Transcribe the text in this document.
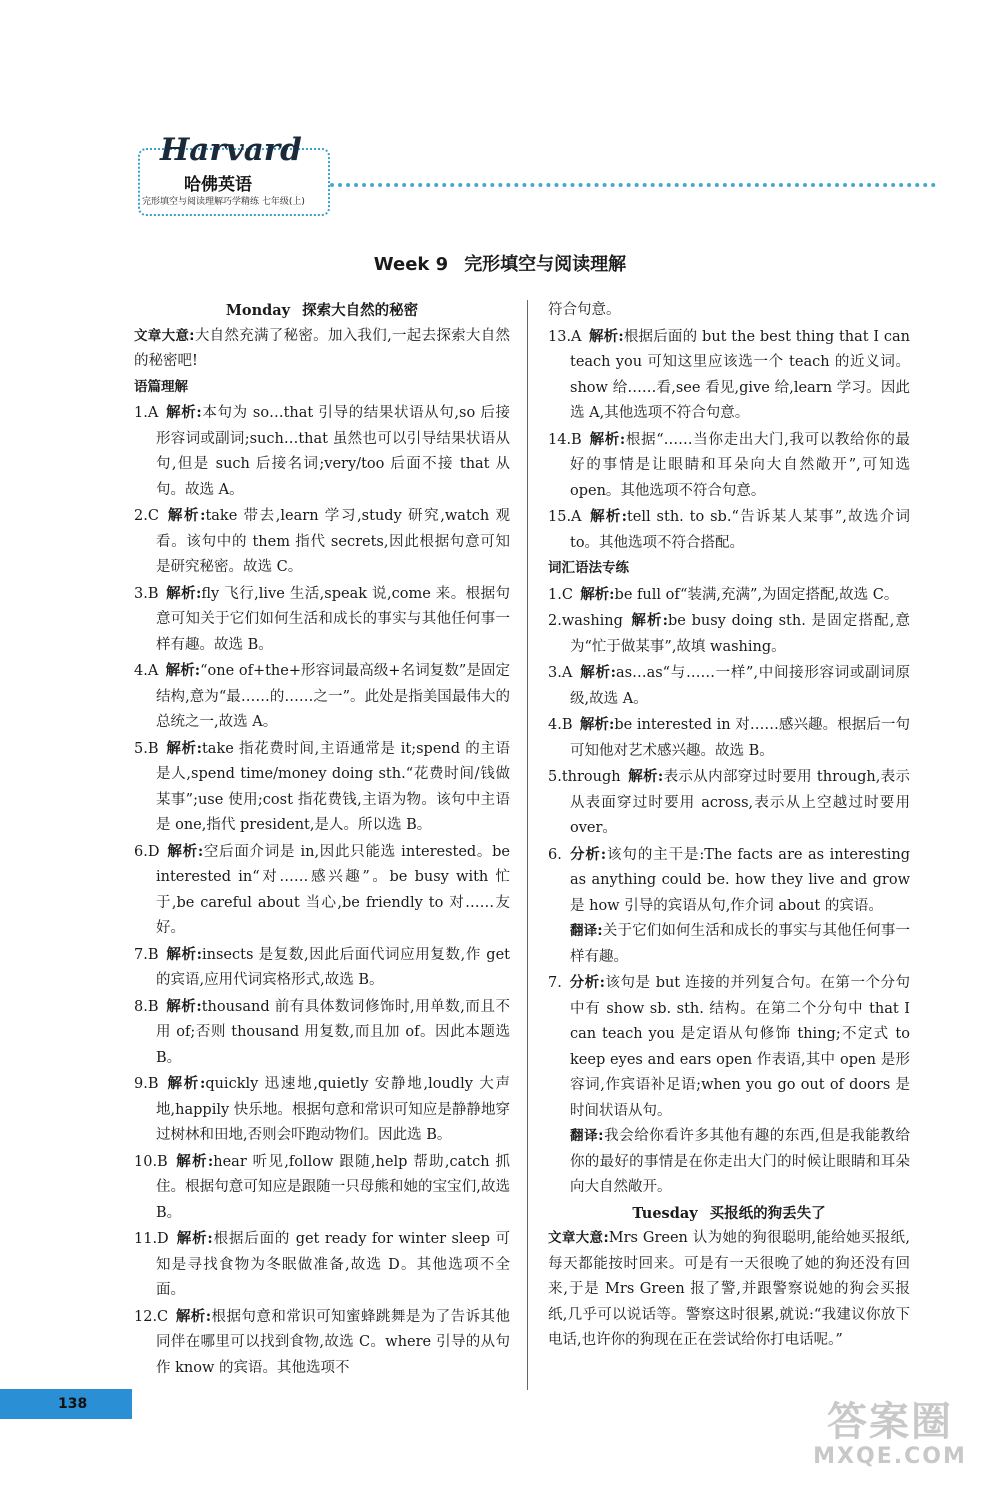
Harvard
哈佛英语
完形填空与阅读理解巧学精练 七年级(上)
Week 9 完形填空与阅读理解

Monday 探索大自然的秘密

文章大意:大自然充满了秘密。加入我们,一起去探索大自然的秘密吧!

语篇理解

1.A  解析:本句为 so…that 引导的结果状语从句,so 后接形容词或副词;such…that 虽然也可以引导结果状语从句,但是 such 后接名词;very/too 后面不接 that 从句。故选 A。

2.C  解析:take 带去,learn 学习,study 研究,watch 观看。该句中的 them 指代 secrets,因此根据句意可知是研究秘密。故选 C。

3.B  解析:fly 飞行,live 生活,speak 说,come 来。根据句意可知关于它们如何生活和成长的事实与其他任何事一样有趣。故选 B。

4.A  解析:“one of+the+形容词最高级+名词复数”是固定结构,意为“最……的……之一”。此处是指美国最伟大的总统之一,故选 A。

5.B  解析:take 指花费时间,主语通常是 it;spend 的主语是人,spend time/money doing sth.“花费时间/钱做某事”;use 使用;cost 指花费钱,主语为物。该句中主语是 one,指代 president,是人。所以选 B。

6.D  解析:空后面介词是 in,因此只能选 interested。be interested in“对……感兴趣”。be busy with 忙于,be careful about 当心,be friendly to 对……友好。

7.B  解析:insects 是复数,因此后面代词应用复数,作 get 的宾语,应用代词宾格形式,故选 B。

8.B  解析:thousand 前有具体数词修饰时,用单数,而且不用 of;否则 thousand 用复数,而且加 of。因此本题选 B。

9.B  解析:quickly 迅速地,quietly 安静地,loudly 大声地,happily 快乐地。根据句意和常识可知应是静静地穿过树林和田地,否则会吓跑动物们。因此选 B。

10.B  解析:hear 听见,follow 跟随,help 帮助,catch 抓住。根据句意可知应是跟随一只母熊和她的宝宝们,故选 B。

11.D  解析:根据后面的 get ready for winter sleep 可知是寻找食物为冬眠做准备,故选 D。其他选项不全面。

12.C  解析:根据句意和常识可知蜜蜂跳舞是为了告诉其他同伴在哪里可以找到食物,故选 C。where 引导的从句作 know 的宾语。其他选项不

符合句意。

13.A  解析:根据后面的 but the best thing that I can teach you 可知这里应该选一个 teach 的近义词。show 给……看,see 看见,give 给,learn 学习。因此选 A,其他选项不符合句意。

14.B  解析:根据“……当你走出大门,我可以教给你的最好的事情是让眼睛和耳朵向大自然敞开”,可知选 open。其他选项不符合句意。

15.A  解析:tell sth. to sb.“告诉某人某事”,故选介词 to。其他选项不符合搭配。

词汇语法专练

1.C  解析:be full of“装满,充满”,为固定搭配,故选 C。

2.washing  解析:be busy doing sth. 是固定搭配,意为“忙于做某事”,故填 washing。

3.A  解析:as…as“与……一样”,中间接形容词或副词原级,故选 A。

4.B  解析:be interested in 对……感兴趣。根据后一句可知他对艺术感兴趣。故选 B。

5.through  解析:表示从内部穿过时要用 through,表示从表面穿过时要用 across,表示从上空越过时要用 over。

6.  分析:该句的主干是:The facts are as interesting as anything could be. how they live and grow 是 how 引导的宾语从句,作介词 about 的宾语。

翻译:关于它们如何生活和成长的事实与其他任何事一样有趣。

7.  分析:该句是 but 连接的并列复合句。在第一个分句中有 show sb. sth. 结构。在第二个分句中 that I can teach you 是定语从句修饰 thing;不定式 to keep eyes and ears open 作表语,其中 open 是形容词,作宾语补足语;when you go out of doors 是时间状语从句。

翻译:我会给你看许多其他有趣的东西,但是我能教给你的最好的事情是在你走出大门的时候让眼睛和耳朵向大自然敞开。

Tuesday 买报纸的狗丢失了

文章大意:Mrs Green 认为她的狗很聪明,能给她买报纸,每天都能按时回来。可是有一天很晚了她的狗还没有回来,于是 Mrs Green 报了警,并跟警察说她的狗会买报纸,几乎可以说话等。警察这时很累,就说:“我建议你放下电话,也许你的狗现在正在尝试给你打电话呢。”

138	答案圈
MXQE.COM
